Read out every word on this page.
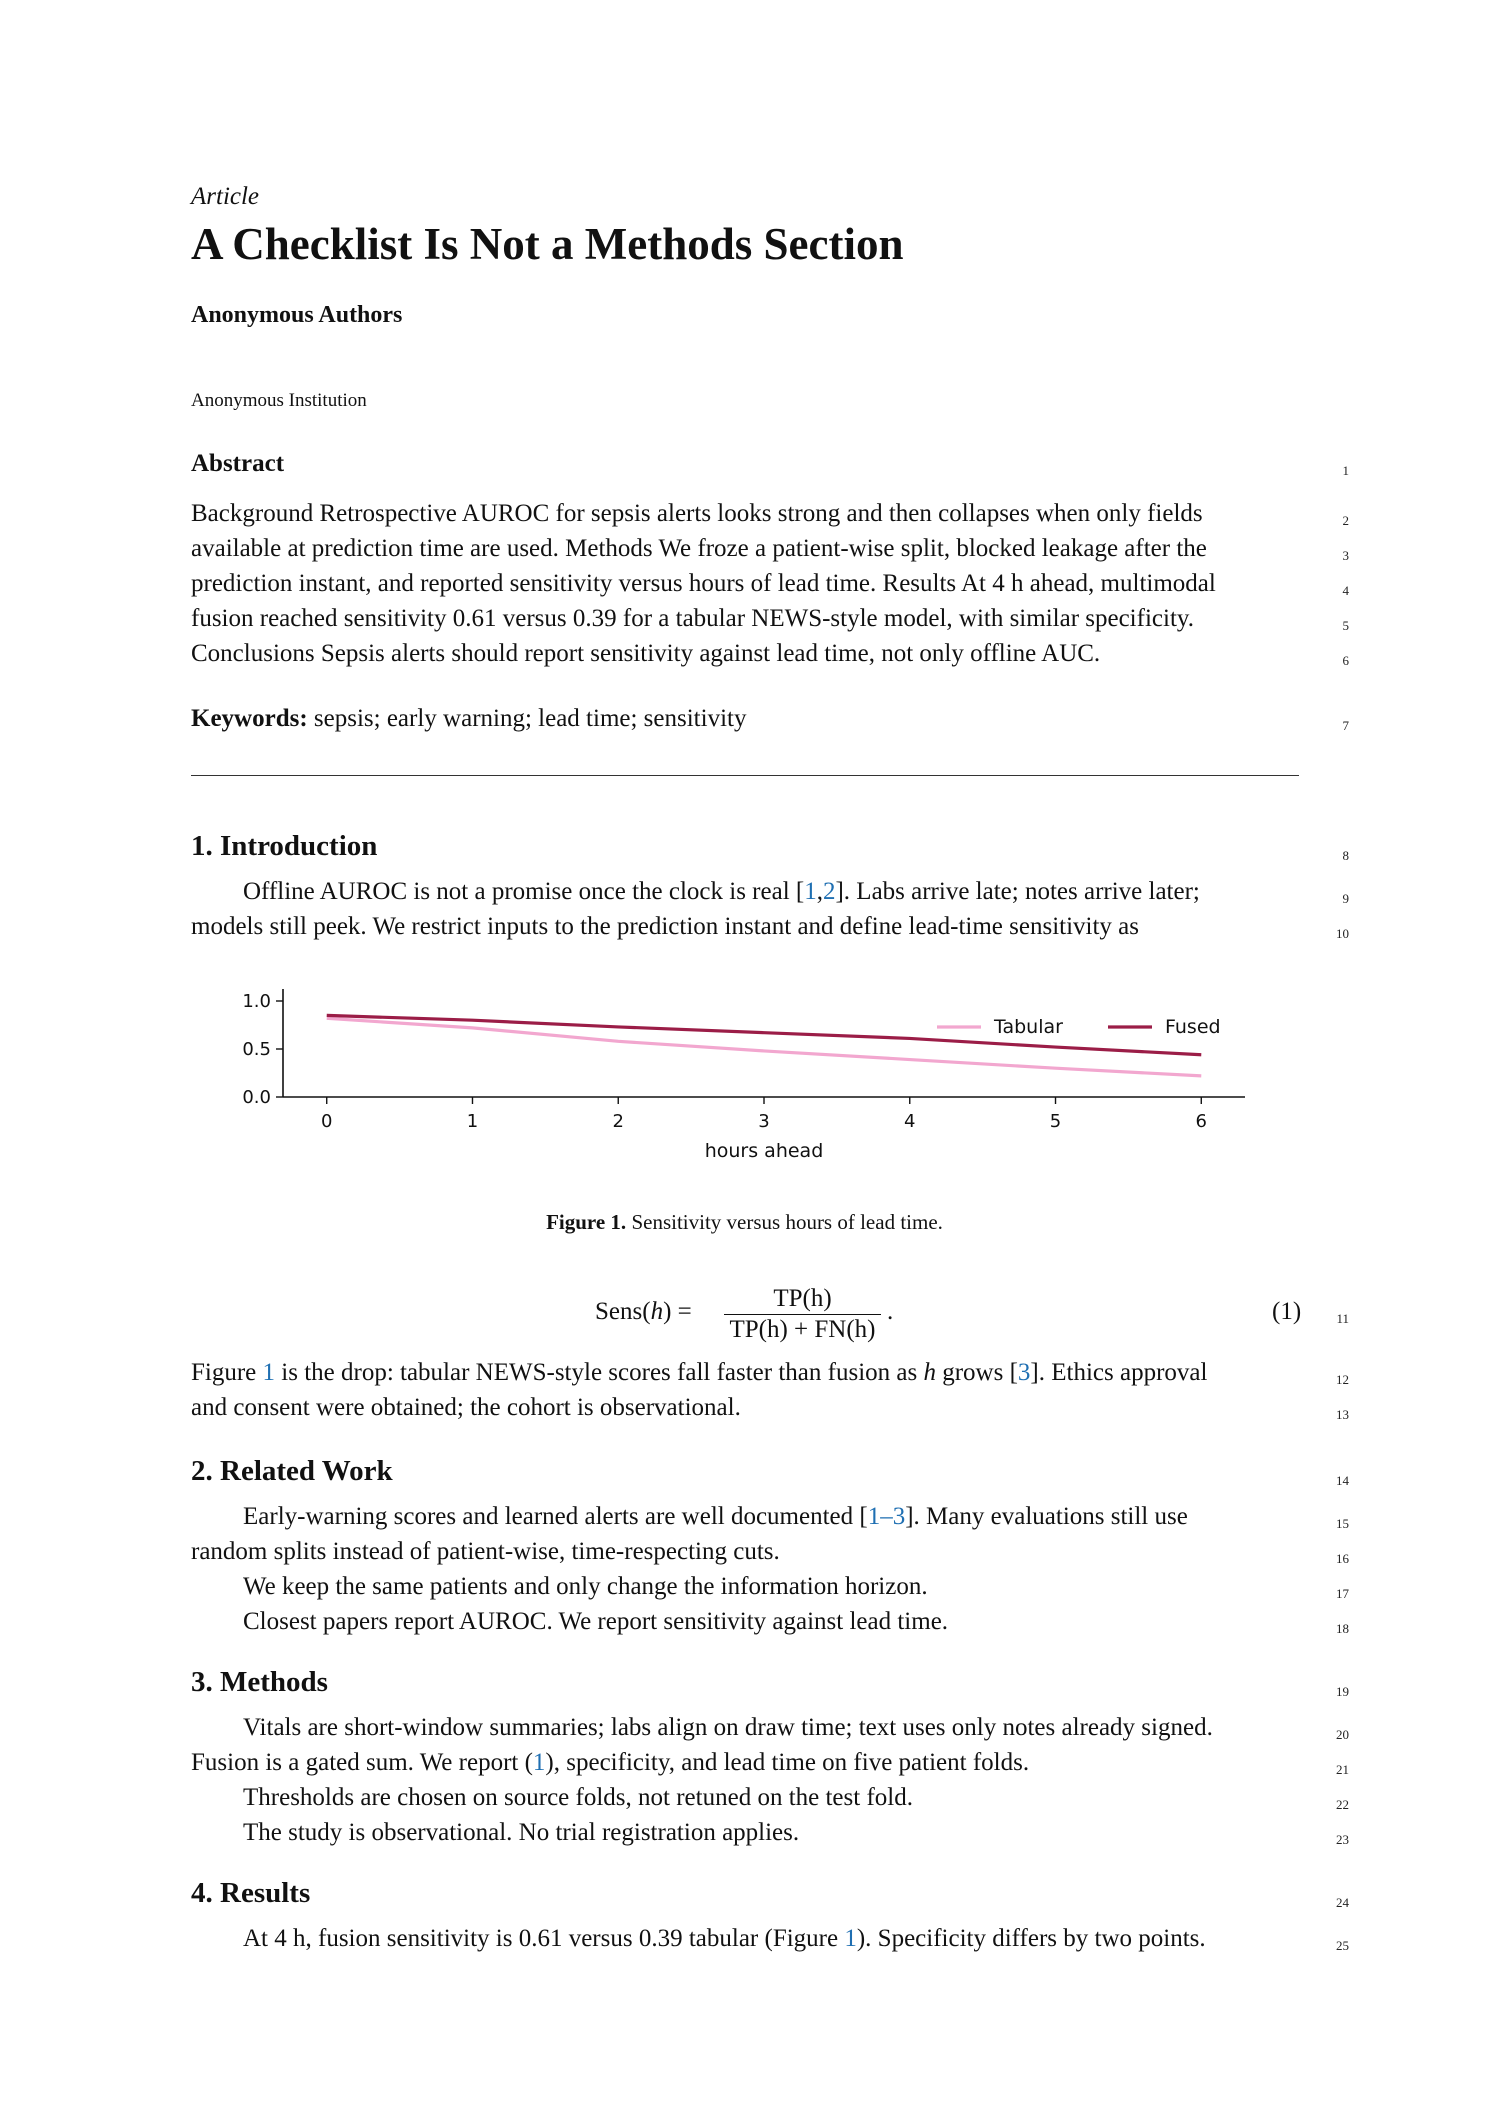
Article
A Checklist Is Not a Methods Section
Anonymous Authors
Anonymous Institution
Abstract
Background Retrospective AUROC for sepsis alerts looks strong and then collapses when only fields
available at prediction time are used. Methods We froze a patient-wise split, blocked leakage after the
prediction instant, and reported sensitivity versus hours of lead time. Results At 4 h ahead, multimodal
fusion reached sensitivity 0.61 versus 0.39 for a tabular NEWS-style model, with similar specificity.
Conclusions Sepsis alerts should report sensitivity against lead time, not only offline AUC.
Keywords: sepsis; early warning; lead time; sensitivity
1
2
3
4
5
6
7
8
9
10
11
12
13
14
15
16
17
18
19
20
21
22
23
24
25
1. Introduction
Offline AUROC is not a promise once the clock is real [1,2]. Labs arrive late; notes arrive later;
models still peek. We restrict inputs to the prediction instant and define lead-time sensitivity as
0.0
0.5
1.0
0	1	2	3	4	5	6
hours ahead
Tabular	Fused
Figure 1. Sensitivity versus hours of lead time.
Sens(h) =	TP(h)
TP(h) + FN(h)
.	(1)
Figure 1 is the drop: tabular NEWS-style scores fall faster than fusion as h grows [3]. Ethics approval
and consent were obtained; the cohort is observational.
2. Related Work
Early-warning scores and learned alerts are well documented [1–3]. Many evaluations still use
random splits instead of patient-wise, time-respecting cuts.
We keep the same patients and only change the information horizon.
Closest papers report AUROC. We report sensitivity against lead time.
3. Methods
Vitals are short-window summaries; labs align on draw time; text uses only notes already signed.
Fusion is a gated sum. We report (1), specificity, and lead time on five patient folds.
Thresholds are chosen on source folds, not retuned on the test fold.
The study is observational. No trial registration applies.
4. Results
At 4 h, fusion sensitivity is 0.61 versus 0.39 tabular (Figure 1). Specificity differs by two points.
